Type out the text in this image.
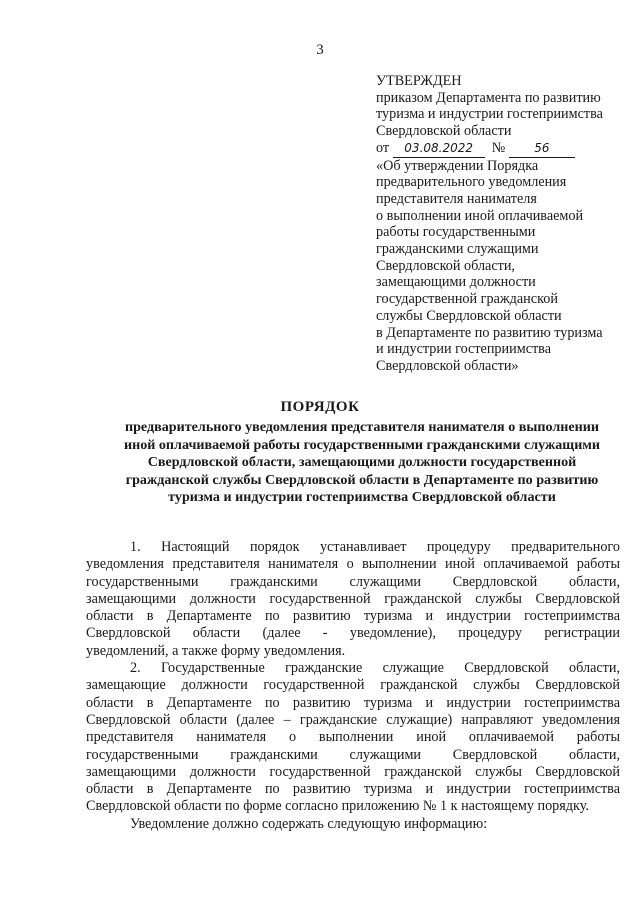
3
УТВЕРЖДЕН
приказом Департамента по развитию
туризма и индустрии гостеприимства
Свердловской области
от 03.08.2022 № 56
«Об утверждении Порядка
предварительного уведомления
представителя нанимателя
о выполнении иной оплачиваемой
работы государственными
гражданскими служащими
Свердловской области,
замещающими должности
государственной гражданской
службы Свердловской области
в Департаменте по развитию туризма
и индустрии гостеприимства
Свердловской области»
ПОРЯДОК
предварительного уведомления представителя нанимателя о выполнении
иной оплачиваемой работы государственными гражданскими служащими
Свердловской области, замещающими должности государственной
гражданской службы Свердловской области в Департаменте по развитию
туризма и индустрии гостеприимства Свердловской области
1. Настоящий порядок устанавливает процедуру предварительного
уведомления представителя нанимателя о выполнении иной оплачиваемой работы
государственными гражданскими служащими Свердловской области,
замещающими должности государственной гражданской службы Свердловской
области в Департаменте по развитию туризма и индустрии гостеприимства
Свердловской области (далее - уведомление), процедуру регистрации
уведомлений, а также форму уведомления.
2. Государственные гражданские служащие Свердловской области,
замещающие должности государственной гражданской службы Свердловской
области в Департаменте по развитию туризма и индустрии гостеприимства
Свердловской области (далее – гражданские служащие) направляют уведомления
представителя нанимателя о выполнении иной оплачиваемой работы
государственными гражданскими служащими Свердловской области,
замещающими должности государственной гражданской службы Свердловской
области в Департаменте по развитию туризма и индустрии гостеприимства
Свердловской области по форме согласно приложению № 1 к настоящему порядку.
Уведомление должно содержать следующую информацию:
